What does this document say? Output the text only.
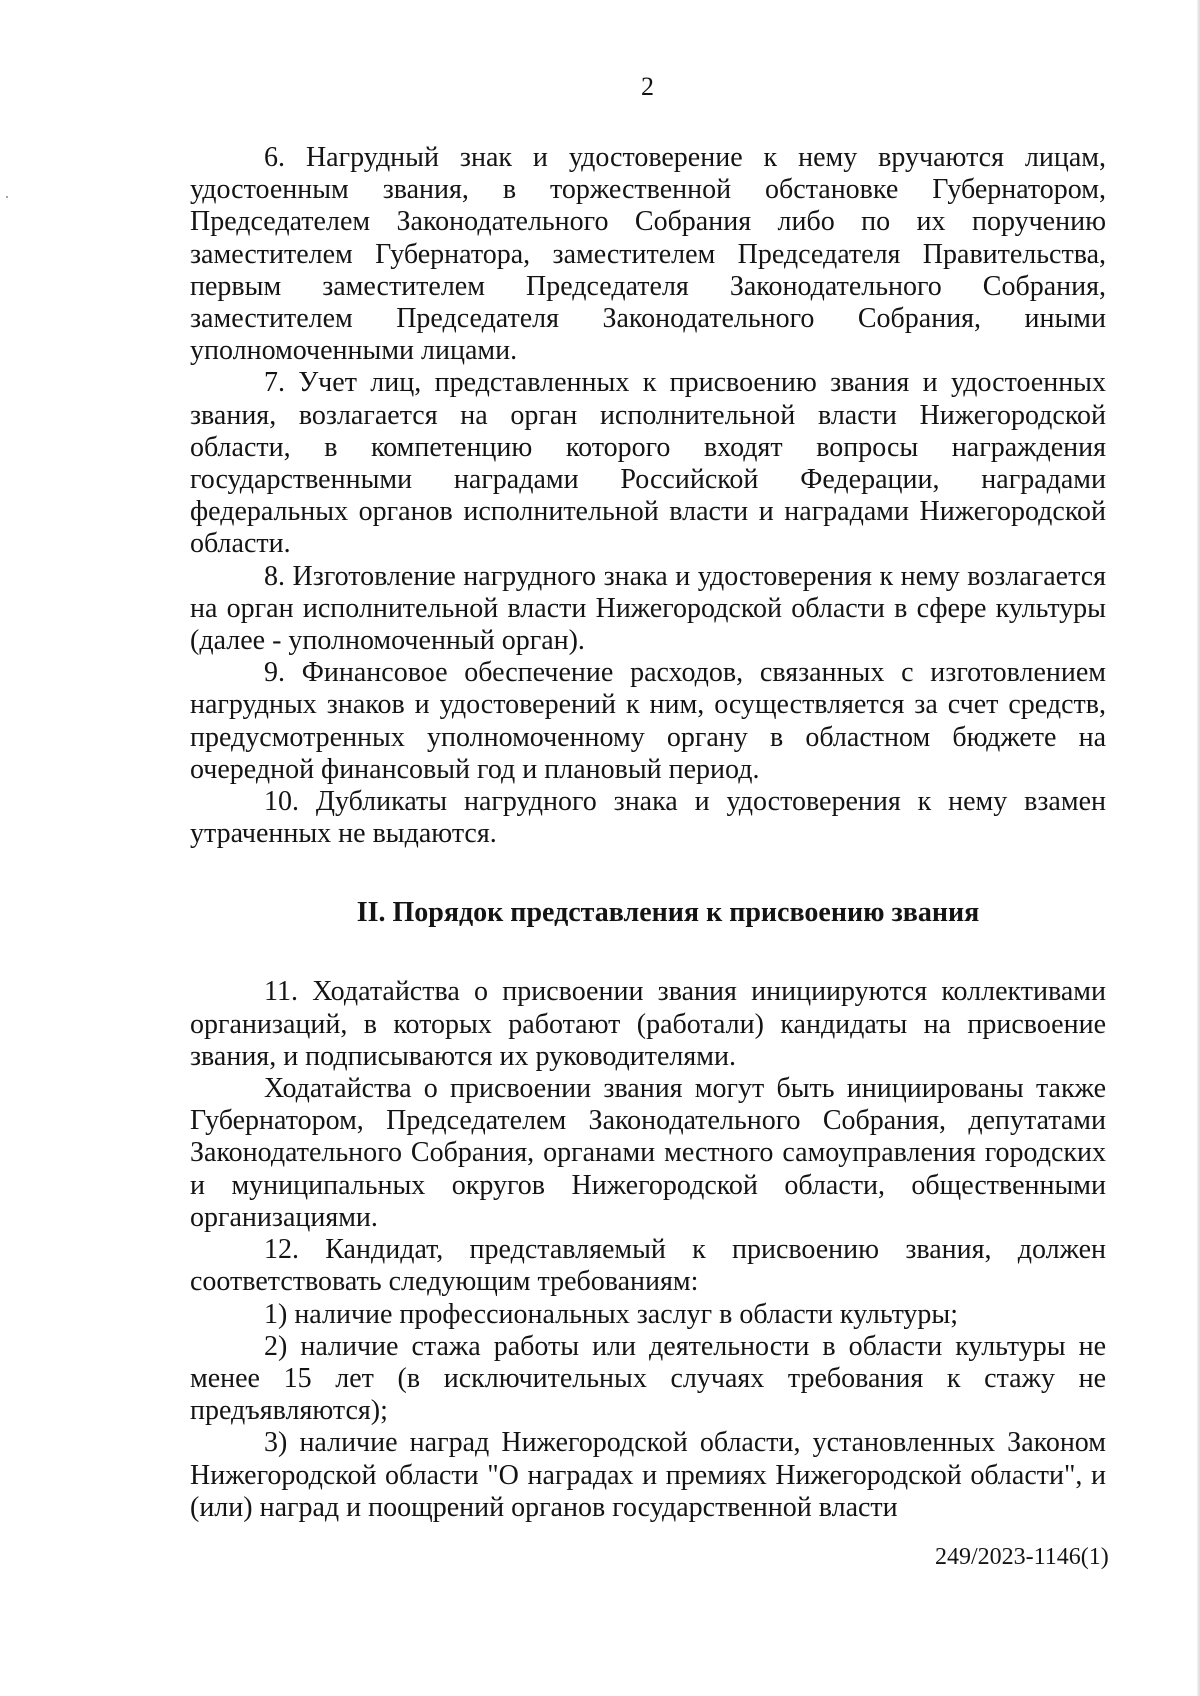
2

6. Нагрудный знак и удостоверение к нему вручаются лицам, удостоенным звания, в торжественной обстановке Губернатором, Председателем Законодательного Собрания либо по их поручению заместителем Губернатора, заместителем Председателя Правительства, первым заместителем Председателя Законодательного Собрания, заместителем Председателя Законодательного Собрания, иными уполномоченными лицами.

7. Учет лиц, представленных к присвоению звания и удостоенных звания, возлагается на орган исполнительной власти Нижегородской области, в компетенцию которого входят вопросы награждения государственными наградами Российской Федерации, наградами федеральных органов исполнительной власти и наградами Нижегородской области.

8. Изготовление нагрудного знака и удостоверения к нему возлагается на орган исполнительной власти Нижегородской области в сфере культуры (далее - уполномоченный орган).

9. Финансовое обеспечение расходов, связанных с изготовлением нагрудных знаков и удостоверений к ним, осуществляется за счет средств, предусмотренных уполномоченному органу в областном бюджете на очередной финансовый год и плановый период.

10. Дубликаты нагрудного знака и удостоверения к нему взамен утраченных не выдаются.

II. Порядок представления к присвоению звания

11. Ходатайства о присвоении звания инициируются коллективами организаций, в которых работают (работали) кандидаты на присвоение звания, и подписываются их руководителями.

Ходатайства о присвоении звания могут быть инициированы также Губернатором, Председателем Законодательного Собрания, депутатами Законодательного Собрания, органами местного самоуправления городских и муниципальных округов Нижегородской области, общественными организациями.

12. Кандидат, представляемый к присвоению звания, должен соответствовать следующим требованиям:

1) наличие профессиональных заслуг в области культуры;

2) наличие стажа работы или деятельности в области культуры не менее 15 лет (в исключительных случаях требования к стажу не предъявляются);

3) наличие наград Нижегородской области, установленных Законом Нижегородской области "О наградах и премиях Нижегородской области", и (или) наград и поощрений органов государственной власти

249/2023-1146(1)
